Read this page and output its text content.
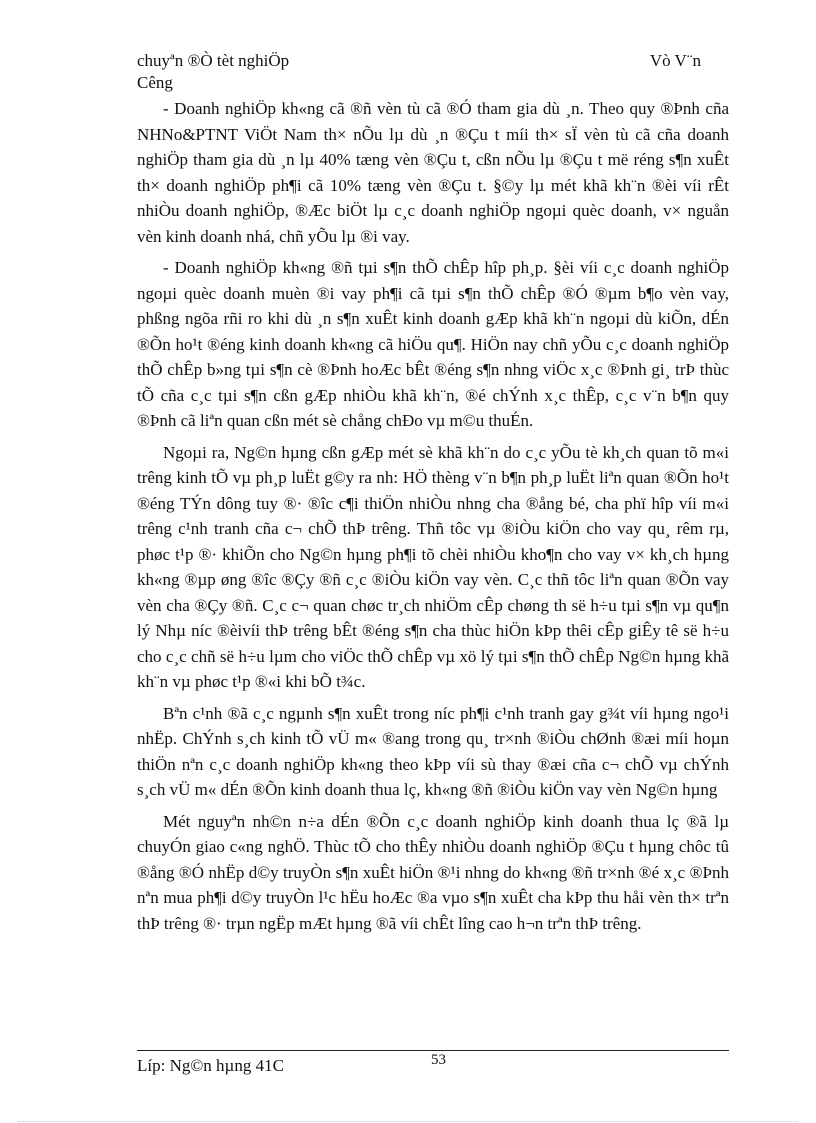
chuyªn ®Ò tèt nghiÖp	Vò V¨n
Cêng

- Doanh nghiÖp kh«ng cã ®ñ vèn tù cã ®Ó tham gia dù ¸n. Theo quy ®Þnh cña NHNo&PTNT ViÖt Nam th× nÕu lµ dù ¸n ®Çu t míi th× sÏ vèn tù cã cña doanh nghiÖp tham gia dù ¸n lµ 40% tæng vèn ®Çu t, cßn nÕu lµ ®Çu t më réng s¶n xuÊt th× doanh nghiÖp ph¶i cã 10% tæng vèn ®Çu t. §©y lµ mét khã kh¨n ®èi víi rÊt nhiÒu doanh nghiÖp, ®Æc biÖt lµ c¸c doanh nghiÖp ngoµi quèc doanh, v× nguån vèn kinh doanh nhá, chñ yÕu lµ ®i vay.

- Doanh nghiÖp kh«ng ®ñ tµi s¶n thÕ chÊp hîp ph¸p. §èi víi c¸c doanh nghiÖp ngoµi quèc doanh muèn ®i vay ph¶i cã tµi s¶n thÕ chÊp ®Ó ®µm b¶o vèn vay, phßng ngõa rñi ro khi dù ¸n s¶n xuÊt kinh doanh gÆp khã kh¨n ngoµi dù kiÕn, dÉn ®Õn ho¹t ®éng kinh doanh kh«ng cã hiÖu qu¶. HiÖn nay chñ yÕu c¸c doanh nghiÖp thÕ chÊp b»ng tµi s¶n cè ®Þnh hoÆc bÊt ®éng s¶n nhng viÖc x¸c ®Þnh gi¸ trÞ thùc tÕ cña c¸c tµi s¶n cßn gÆp nhiÒu khã kh¨n, ®é chÝnh x¸c thÊp, c¸c v¨n b¶n quy ®Þnh cã liªn quan cßn mét sè chång chÐo vµ m©u thuÉn.

Ngoµi ra, Ng©n hµng cßn gÆp mét sè khã kh¨n do c¸c yÕu tè kh¸ch quan tõ m«i trêng kinh tÕ vµ ph¸p luËt g©y ra nh: HÖ thèng v¨n b¶n ph¸p luËt liªn quan ®Õn ho¹t ®éng TÝn dông tuy ®· ®îc c¶i thiÖn nhiÒu nhng cha ®ång bé, cha phï hîp víi m«i trêng c¹nh tranh cña c¬ chÕ thÞ trêng. Thñ tôc vµ ®iÒu kiÖn cho vay qu¸ rêm rµ, phøc t¹p ®· khiÕn cho Ng©n hµng ph¶i tõ chèi nhiÒu kho¶n cho vay v× kh¸ch hµng kh«ng ®µp øng ®îc ®Çy ®ñ c¸c ®iÒu kiÖn vay vèn. C¸c thñ tôc liªn quan ®Õn vay vèn cha ®Çy ®ñ. C¸c c¬ quan chøc tr¸ch nhiÖm cÊp chøng th së h÷u tµi s¶n vµ qu¶n lý Nhµ níc ®èivíi thÞ trêng bÊt ®éng s¶n cha thùc hiÖn kÞp thêi cÊp giÊy tê së h÷u cho c¸c chñ së h÷u lµm cho viÖc thÕ chÊp vµ xö lý tµi s¶n thÕ chÊp Ng©n hµng khã kh¨n vµ phøc t¹p ®«i khi bÕ t¾c.

Bªn c¹nh ®ã c¸c ngµnh s¶n xuÊt trong níc ph¶i c¹nh tranh gay g¾t víi hµng ngo¹i nhËp. ChÝnh s¸ch kinh tÕ vÜ m« ®ang trong qu¸ tr×nh ®iÒu chØnh ®æi míi hoµn thiÖn nªn c¸c doanh nghiÖp kh«ng theo kÞp víi sù thay ®æi cña c¬ chÕ vµ chÝnh s¸ch vÜ m« dÉn ®Õn kinh doanh thua lç, kh«ng ®ñ ®iÒu kiÖn vay vèn Ng©n hµng

Mét nguyªn nh©n n÷a dÉn ®Õn c¸c doanh nghiÖp kinh doanh thua lç ®ã lµ chuyÓn giao c«ng nghÖ. Thùc tÕ cho thÊy nhiÒu doanh nghiÖp ®Çu t hµng chôc tû ®ång ®Ó nhËp d©y truyÒn s¶n xuÊt hiÖn ®¹i nhng do kh«ng ®ñ tr×nh ®é x¸c ®Þnh nªn mua ph¶i d©y truyÒn l¹c hËu hoÆc ®a vµo s¶n xuÊt cha kÞp thu håi vèn th× trªn thÞ trêng ®· trµn ngËp mÆt hµng ®ã víi chÊt lîng cao h¬n trªn thÞ trêng.

Líp: Ng©n hµng 41C	53
